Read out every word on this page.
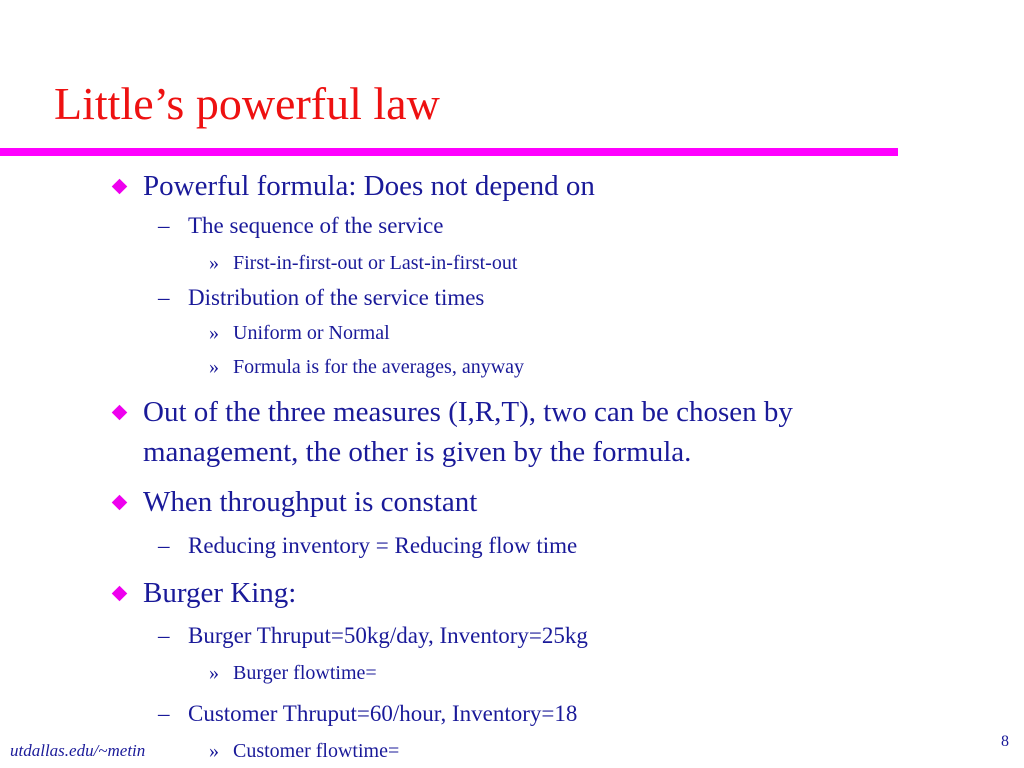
Little’s powerful law
Powerful formula: Does not depend on
– The sequence of the service
» First-in-first-out or Last-in-first-out
– Distribution of the service times
» Uniform or Normal
» Formula is for the averages, anyway
Out of the three measures (I,R,T), two can be chosen by
management, the other is given by the formula.
When throughput is constant
– Reducing inventory = Reducing flow time
Burger King:
– Burger Thruput=50kg/day, Inventory=25kg
» Burger flowtime=
– Customer Thruput=60/hour, Inventory=18
» Customer flowtime=
utdallas.edu/~metin	8
